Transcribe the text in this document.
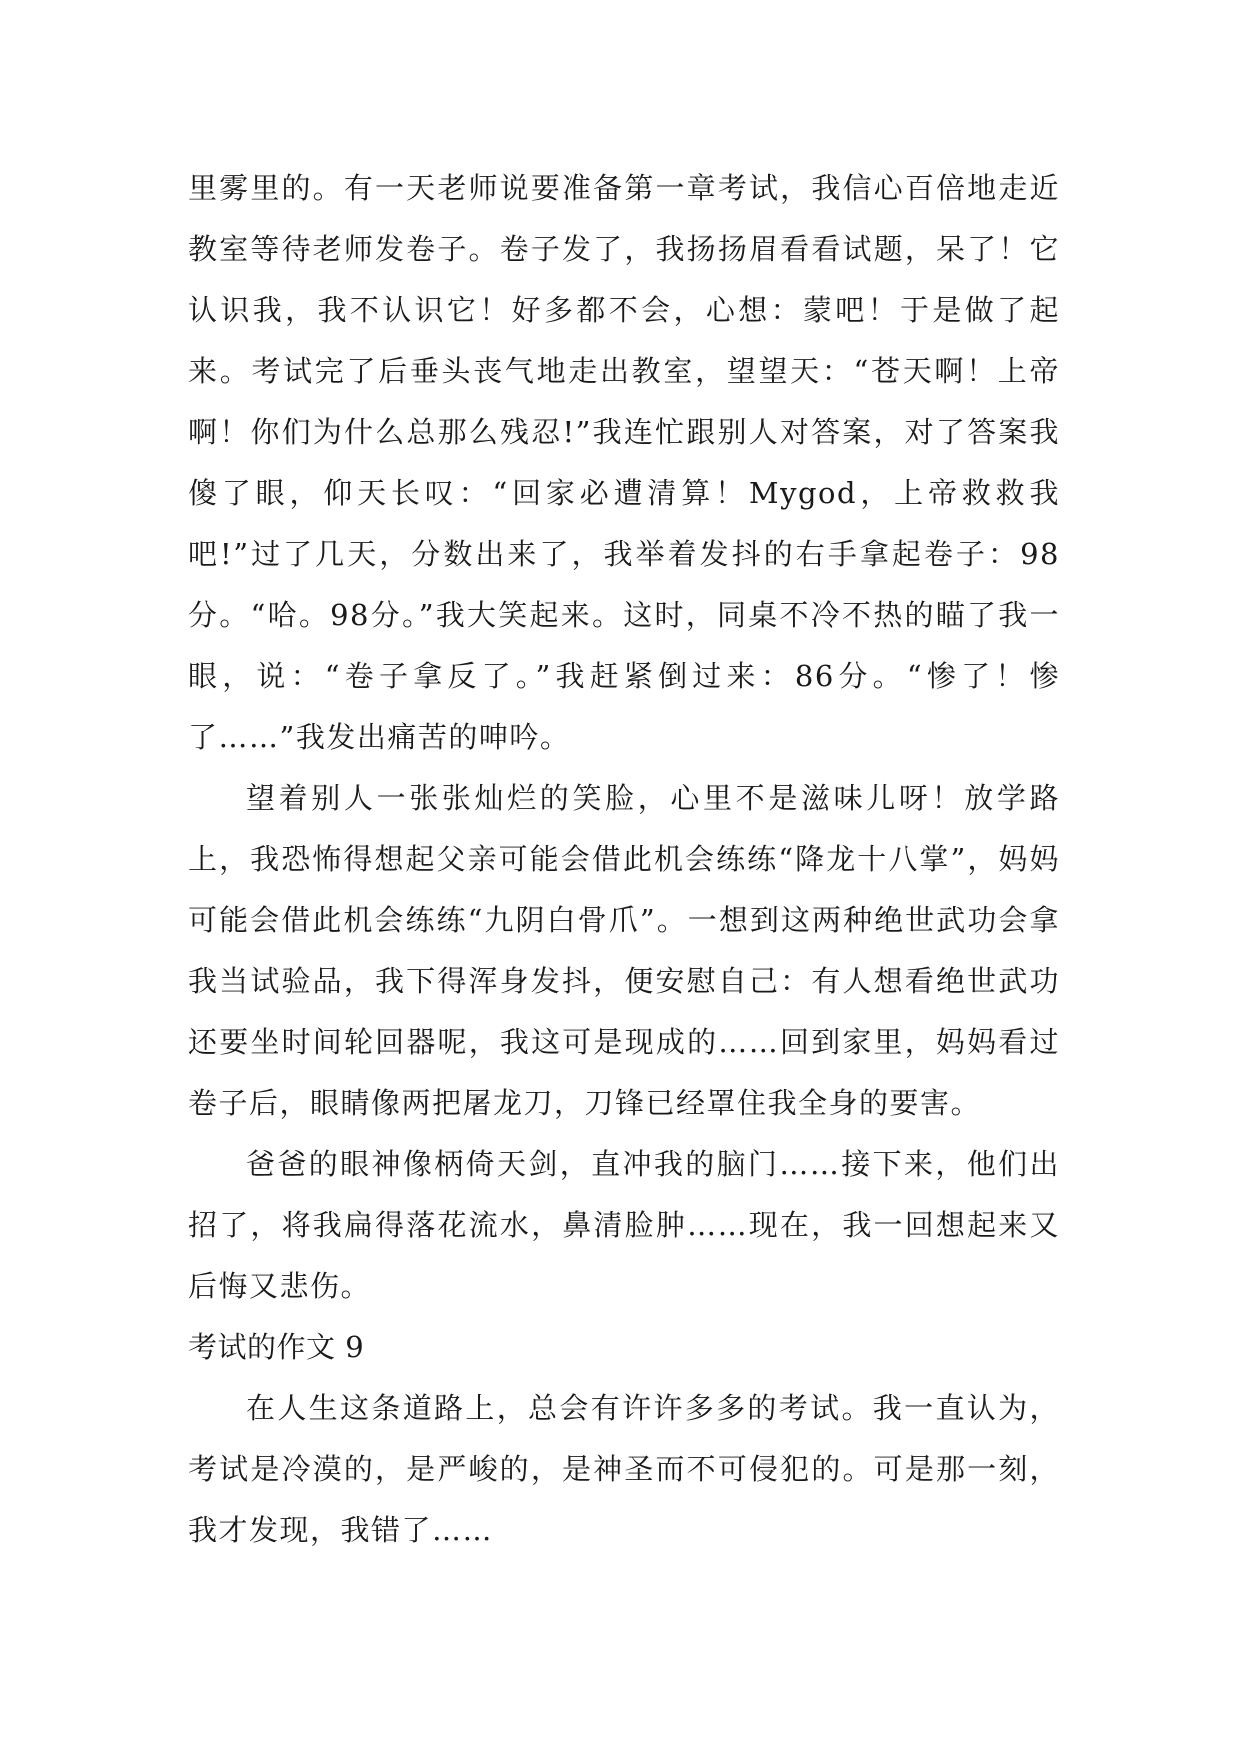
里雾里的。有一天老师说要准备第一章考试，我信心百倍地走近教室等待老师发卷子。卷子发了，我扬扬眉看看试题，呆了！它认识我，我不认识它！好多都不会，心想：蒙吧！于是做了起来。考试完了后垂头丧气地走出教室，望望天：“苍天啊！上帝啊！你们为什么总那么残忍!”我连忙跟别人对答案，对了答案我傻了眼，仰天长叹：“回家必遭清算！Mygod，上帝救救我吧!”过了几天，分数出来了，我举着发抖的右手拿起卷子：98分。“哈。98分。”我大笑起来。这时，同桌不冷不热的瞄了我一眼，说：“卷子拿反了。”我赶紧倒过来：86分。“惨了！惨了……”我发出痛苦的呻吟。

望着别人一张张灿烂的笑脸，心里不是滋味儿呀！放学路上，我恐怖得想起父亲可能会借此机会练练“降龙十八掌”，妈妈可能会借此机会练练“九阴白骨爪”。一想到这两种绝世武功会拿我当试验品，我下得浑身发抖，便安慰自己：有人想看绝世武功还要坐时间轮回器呢，我这可是现成的……回到家里，妈妈看过卷子后，眼睛像两把屠龙刀，刀锋已经罩住我全身的要害。

爸爸的眼神像柄倚天剑，直冲我的脑门……接下来，他们出招了，将我扁得落花流水，鼻清脸肿……现在，我一回想起来又后悔又悲伤。

考试的作文 9

在人生这条道路上，总会有许许多多的考试。我一直认为，考试是冷漠的，是严峻的，是神圣而不可侵犯的。可是那一刻，我才发现，我错了……
